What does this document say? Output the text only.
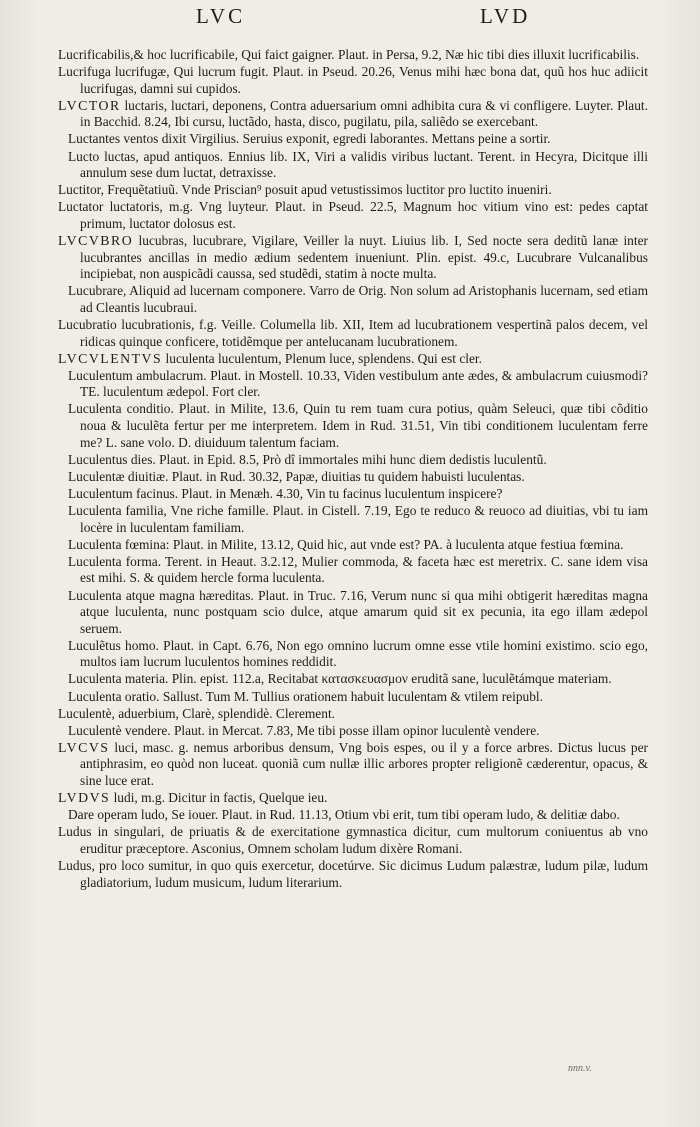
LVC	LVD

Lucrificabilis,& hoc lucrificabile, Qui faict gaigner. Plaut. in Persa, 9.2, Næ hic tibi dies illuxit lucrificabilis.

Lucrifuga lucrifugæ, Qui lucrum fugit. Plaut. in Pseud. 20.26, Venus mihi hæc bona dat, quũ hos huc adiicit lucrifugas, damni sui cupidos.

LVCTOR luctaris, luctari, deponens, Contra aduersarium omni adhibita cura & vi confligere. Luyter. Plaut. in Bacchid. 8.24, Ibi cursu, luctãdo, hasta, disco, pugilatu, pila, saliẽdo se exercebant.

Luctantes ventos dixit Virgilius. Seruius exponit, egredi laborantes. Mettans peine a sortir.

Lucto luctas, apud antiquos. Ennius lib. IX, Viri a validis viribus luctant. Terent. in Hecyra, Dicitque illi annulum sese dum luctat, detraxisse.

Luctitor, Frequẽtatiuũ. Vnde Priscian⁹ posuit apud vetustissimos luctitor pro luctito inueniri.

Luctator luctatoris, m.g. Vng luyteur. Plaut. in Pseud. 22.5, Magnum hoc vitium vino est: pedes captat primum, luctator dolosus est.

LVCVBRO lucubras, lucubrare, Vigilare, Veiller la nuyt. Liuius lib. I, Sed nocte sera deditũ lanæ inter lucubrantes ancillas in medio ædium sedentem inueniunt. Plin. epist. 49.c, Lucubrare Vulcanalibus incipiebat, non auspicãdi caussa, sed studẽdi, statim à nocte multa.

Lucubrare, Aliquid ad lucernam componere. Varro de Orig. Non solum ad Aristophanis lucernam, sed etiam ad Cleantis lucubraui.

Lucubratio lucubrationis, f.g. Veille. Columella lib. XII, Item ad lucubrationem vespertinã palos decem, vel ridicas quinque conficere, totidẽmque per antelucanam lucubrationem.

LVCVLENTVS luculenta luculentum, Plenum luce, splendens. Qui est cler.

Luculentum ambulacrum. Plaut. in Mostell. 10.33, Viden vestibulum ante ædes, & ambulacrum cuiusmodi? TE. luculentum ædepol. Fort cler.

Luculenta conditio. Plaut. in Milite, 13.6, Quin tu rem tuam cura potius, quàm Seleuci, quæ tibi cõditio noua & luculẽta fertur per me interpretem. Idem in Rud. 31.51, Vin tibi conditionem luculentam ferre me? L. sane volo. D. diuiduum talentum faciam.

Luculentus dies. Plaut. in Epid. 8.5, Prò dî immortales mihi hunc diem dedistis luculentũ.

Luculentæ diuitiæ. Plaut. in Rud. 30.32, Papæ, diuitias tu quidem habuisti luculentas.

Luculentum facinus. Plaut. in Menæh. 4.30, Vin tu facinus luculentum inspicere?

Luculenta familia, Vne riche famille. Plaut. in Cistell. 7.19, Ego te reduco & reuoco ad diuitias, vbi tu iam locère in luculentam familiam.

Luculenta fœmina: Plaut. in Milite, 13.12, Quid hic, aut vnde est? PA. à luculenta atque festiua fœmina.

Luculenta forma. Terent. in Heaut. 3.2.12, Mulier commoda, & faceta hæc est meretrix. C. sane idem visa est mihi. S. & quidem hercle forma luculenta.

Luculenta atque magna hæreditas. Plaut. in Truc. 7.16, Verum nunc si qua mihi obtigerit hæreditas magna atque luculenta, nunc postquam scio dulce, atque amarum quid sit ex pecunia, ita ego illam ædepol seruem.

Luculẽtus homo. Plaut. in Capt. 6.76, Non ego omnino lucrum omne esse vtile homini existimo. scio ego, multos iam lucrum luculentos homines reddidit.

Luculenta materia. Plin. epist. 112.a, Recitabat κατασκευασμον eruditã sane, luculẽtámque materiam.

Luculenta oratio. Sallust. Tum M. Tullius orationem habuit luculentam & vtilem reipubl.

Luculentè, aduerbium, Clarè, splendidè. Clerement.

Luculentè vendere. Plaut. in Mercat. 7.83, Me tibi posse illam opinor luculentè vendere.

LVCVS luci, masc. g. nemus arboribus densum, Vng bois espes, ou il y a force arbres. Dictus lucus per antiphrasim, eo quòd non luceat. quoniã cum nullæ illic arbores propter religionẽ cæderentur, opacus, & sine luce erat.

LVDVS ludi, m.g. Dicitur in factis, Quelque ieu.

Dare operam ludo, Se iouer. Plaut. in Rud. 11.13, Otium vbi erit, tum tibi operam ludo, & delitiæ dabo.

Ludus in singulari, de priuatis & de exercitatione gymnastica dicitur, cum multorum coniuentus ab vno eruditur præceptore. Asconius, Omnem scholam ludum dixère Romani.

Ludus, pro loco sumitur, in quo quis exercetur, docetúrve. Sic dicimus Ludum palæstræ, ludum pilæ, ludum gladiatorium, ludum musicum, ludum literarium.

nnn.v.
